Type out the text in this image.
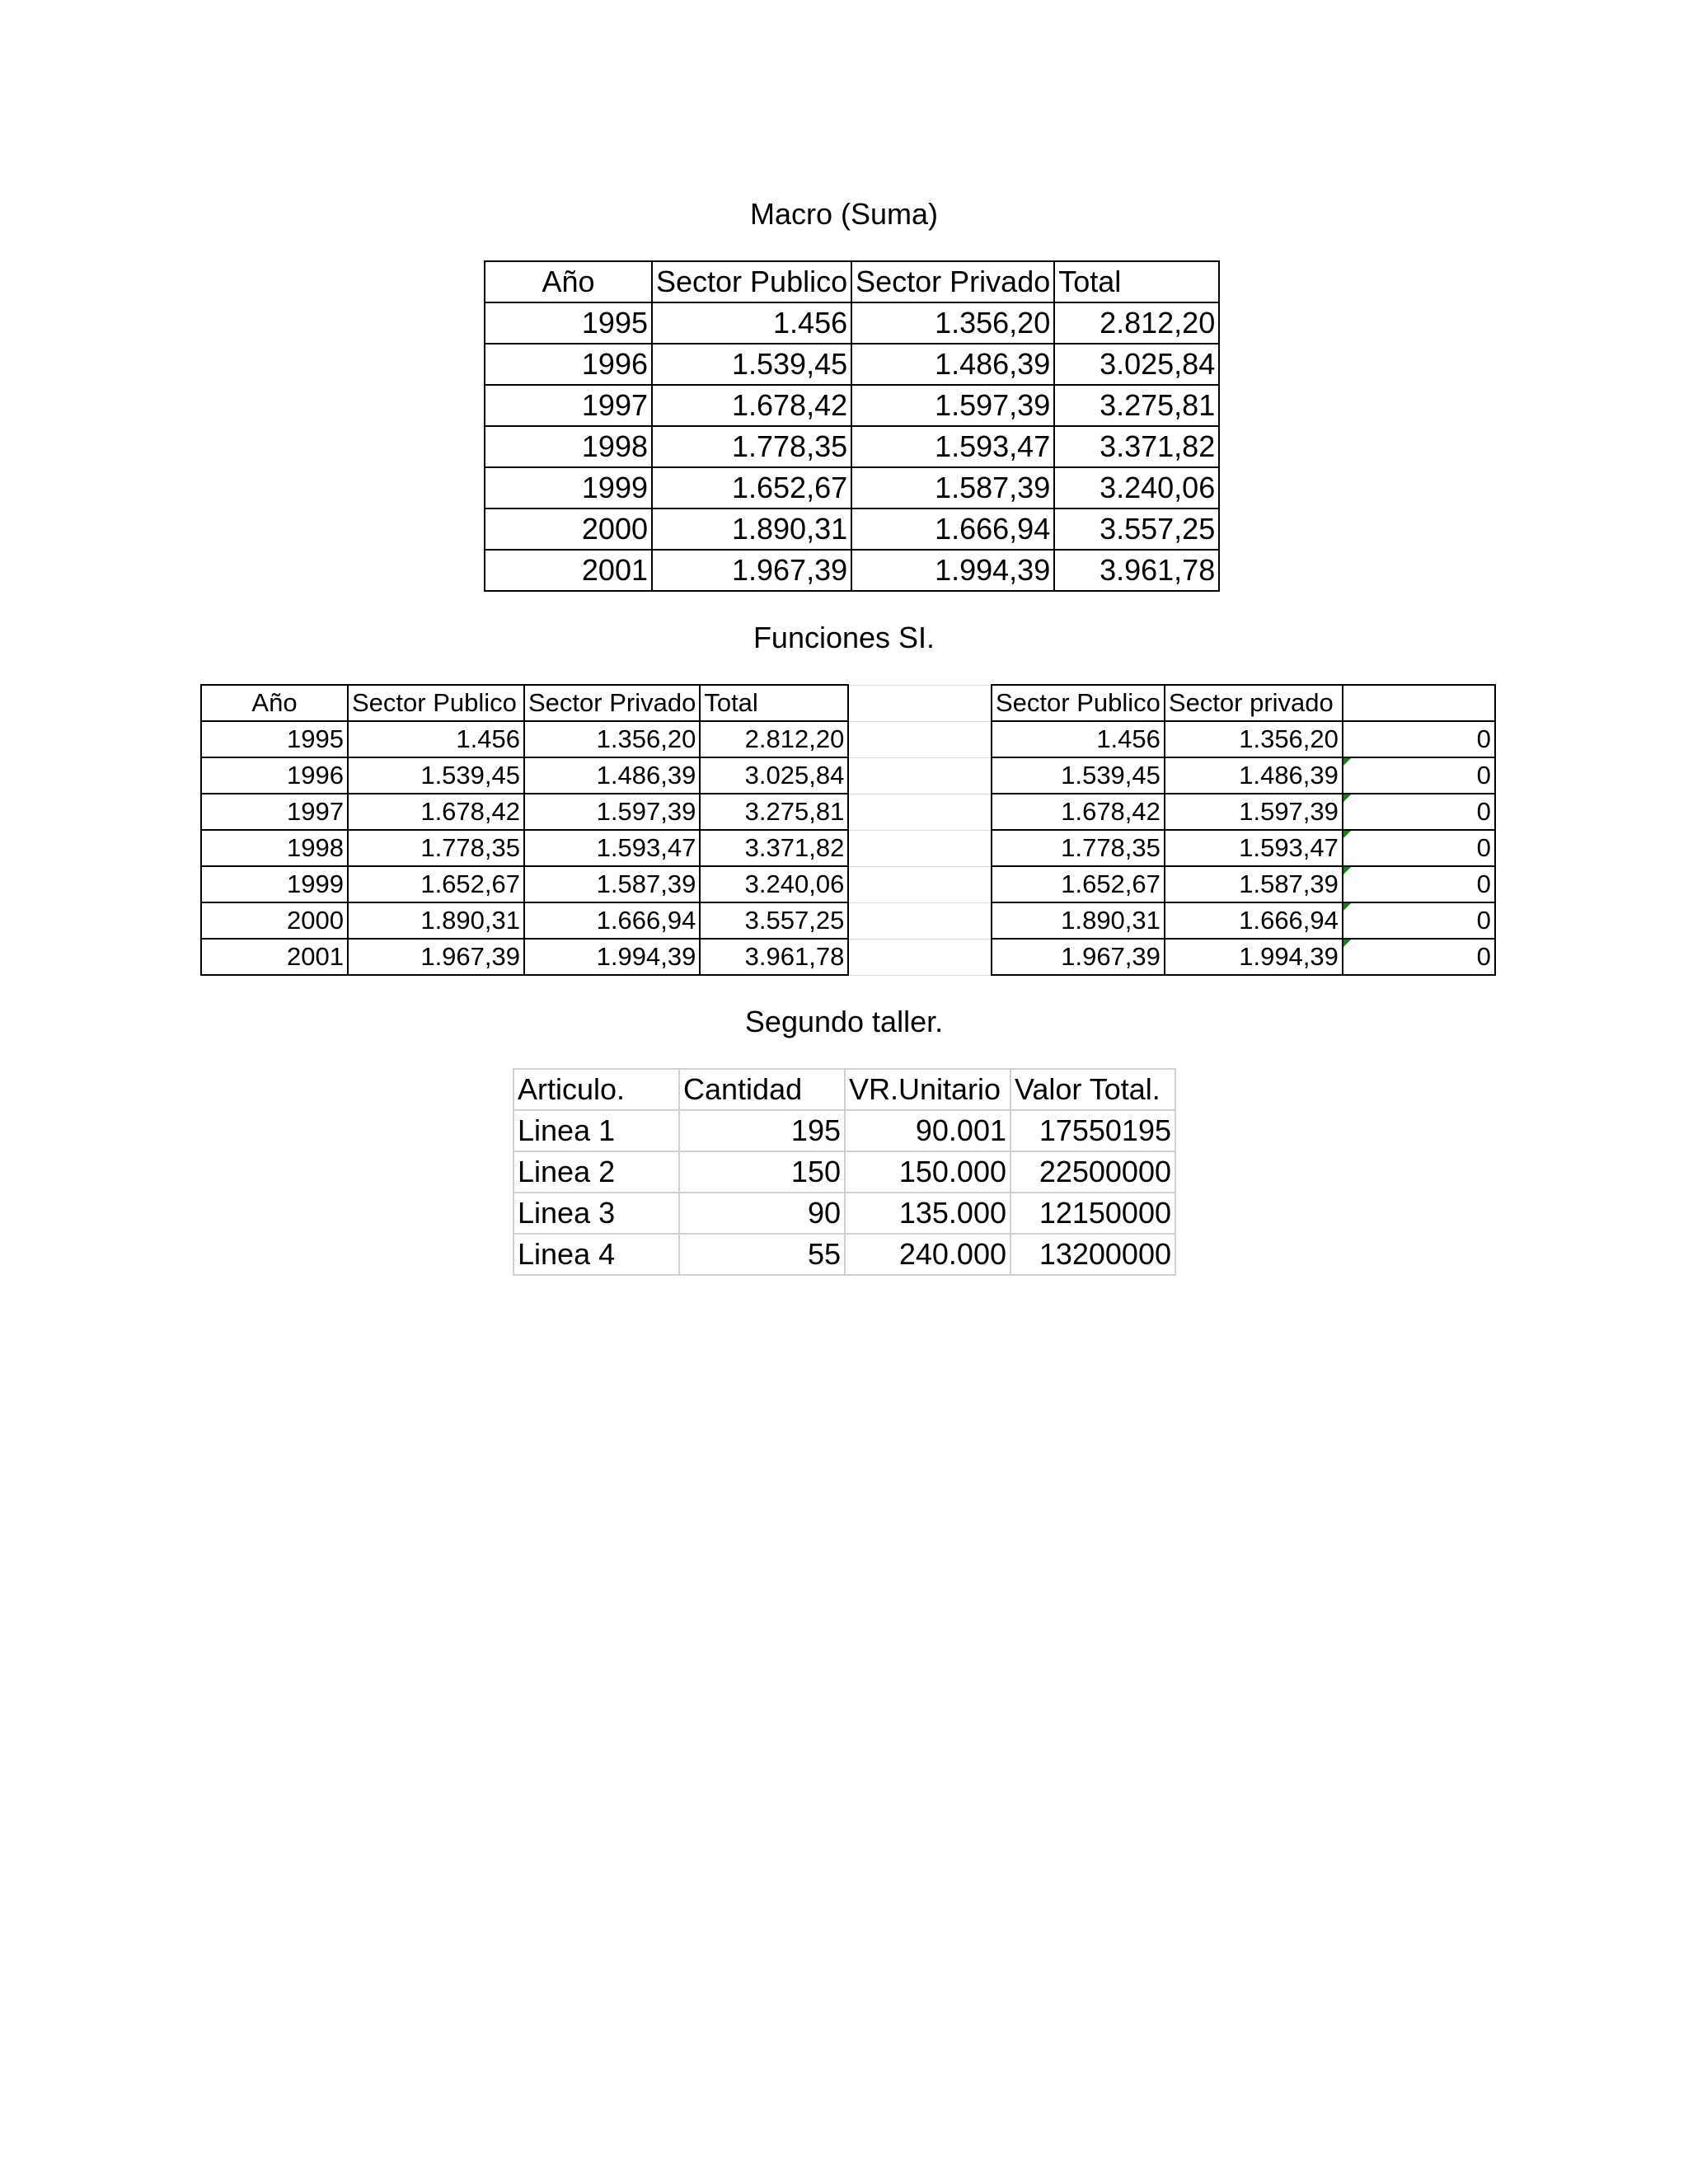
Macro (Suma)
Año	Sector Publico	Sector Privado	Total
1995	1.456	1.356,20	2.812,20
1996	1.539,45	1.486,39	3.025,84
1997	1.678,42	1.597,39	3.275,81
1998	1.778,35	1.593,47	3.371,82
1999	1.652,67	1.587,39	3.240,06
2000	1.890,31	1.666,94	3.557,25
2001	1.967,39	1.994,39	3.961,78
Funciones SI.
Año	Sector Publico	Sector Privado	Total	
1995	1.456	1.356,20	2.812,20	
1996	1.539,45	1.486,39	3.025,84	
1997	1.678,42	1.597,39	3.275,81	
1998	1.778,35	1.593,47	3.371,82	
1999	1.652,67	1.587,39	3.240,06	
2000	1.890,31	1.666,94	3.557,25	
2001	1.967,39	1.994,39	3.961,78	
Sector Publico	Sector privado	
1.456	1.356,20	0
1.539,45	1.486,39	0
1.678,42	1.597,39	0
1.778,35	1.593,47	0
1.652,67	1.587,39	0
1.890,31	1.666,94	0
1.967,39	1.994,39	0
Segundo taller.
Articulo.	Cantidad	VR.Unitario	Valor Total.
Linea 1	195	90.001	17550195
Linea 2	150	150.000	22500000
Linea 3	90	135.000	12150000
Linea 4	55	240.000	13200000
